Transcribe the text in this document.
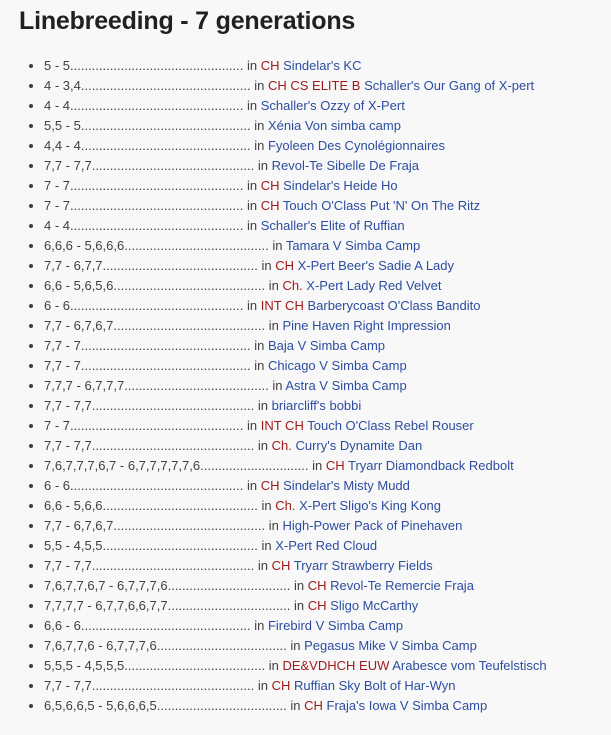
Linebreeding - 7 generations
• 5 - 5................................................ in CH Sindelar's KC
• 4 - 3,4............................................... in CH CS ELITE B Schaller's Our Gang of X-pert
• 4 - 4................................................ in Schaller's Ozzy of X-Pert
• 5,5 - 5............................................... in Xénia Von simba camp
• 4,4 - 4............................................... in Fyoleen Des Cynolégionnaires
• 7,7 - 7,7............................................. in Revol-Te Sibelle De Fraja
• 7 - 7................................................ in CH Sindelar's Heide Ho
• 7 - 7................................................ in CH Touch O'Class Put 'N' On The Ritz
• 4 - 4................................................ in Schaller's Elite of Ruffian
• 6,6,6 - 5,6,6,6........................................ in Tamara V Simba Camp
• 7,7 - 6,7,7........................................... in CH X-Pert Beer's Sadie A Lady
• 6,6 - 5,6,5,6.......................................... in Ch. X-Pert Lady Red Velvet
• 6 - 6................................................ in INT CH Barberycoast O'Class Bandito
• 7,7 - 6,7,6,7.......................................... in Pine Haven Right Impression
• 7,7 - 7............................................... in Baja V Simba Camp
• 7,7 - 7............................................... in Chicago V Simba Camp
• 7,7,7 - 6,7,7,7........................................ in Astra V Simba Camp
• 7,7 - 7,7............................................. in briarcliff's bobbi
• 7 - 7................................................ in INT CH Touch O'Class Rebel Rouser
• 7,7 - 7,7............................................. in Ch. Curry's Dynamite Dan
• 7,6,7,7,7,6,7 - 6,7,7,7,7,7,6.............................. in CH Tryarr Diamondback Redbolt
• 6 - 6................................................ in CH Sindelar's Misty Mudd
• 6,6 - 5,6,6........................................... in Ch. X-Pert Sligo's King Kong
• 7,7 - 6,7,6,7.......................................... in High-Power Pack of Pinehaven
• 5,5 - 4,5,5........................................... in X-Pert Red Cloud
• 7,7 - 7,7............................................. in CH Tryarr Strawberry Fields
• 7,6,7,7,6,7 - 6,7,7,7,6.................................. in CH Revol-Te Remercie Fraja
• 7,7,7,7 - 6,7,7,6,6,7,7.................................. in CH Sligo McCarthy
• 6,6 - 6............................................... in Firebird V Simba Camp
• 7,6,7,7,6 - 6,7,7,7,6.................................... in Pegasus Mike V Simba Camp
• 5,5,5 - 4,5,5,5....................................... in DE&VDHCH EUW Arabesce vom Teufelstisch
• 7,7 - 7,7............................................. in CH Ruffian Sky Bolt of Har-Wyn
• 6,5,6,6,5 - 5,6,6,6,5.................................... in CH Fraja's Iowa V Simba Camp
